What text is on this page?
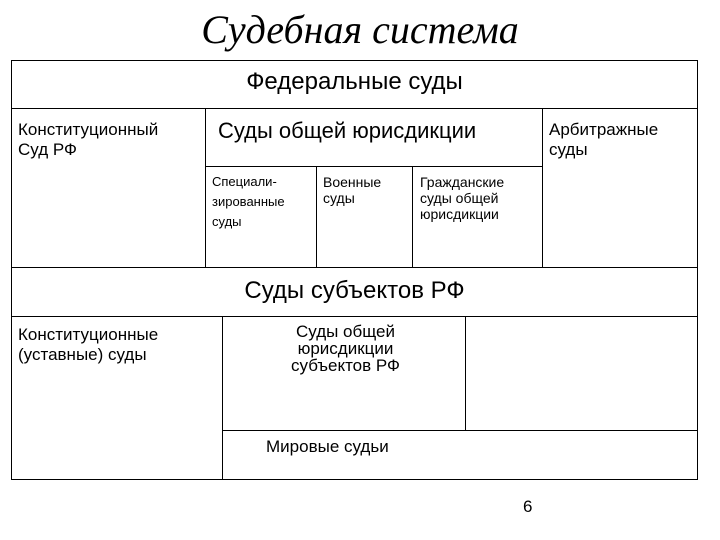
Судебная система
Федеральные суды
Конституционный
Суд РФ
Суды общей юрисдикции	Арбитражные
суды
Специали-
зированные
суды
Военные
суды
Гражданские
суды общей
юрисдикции
Суды субъектов РФ
Конституционные
(уставные) суды
Суды общей
юрисдикции
субъектов РФ
Мировые судьи
6
